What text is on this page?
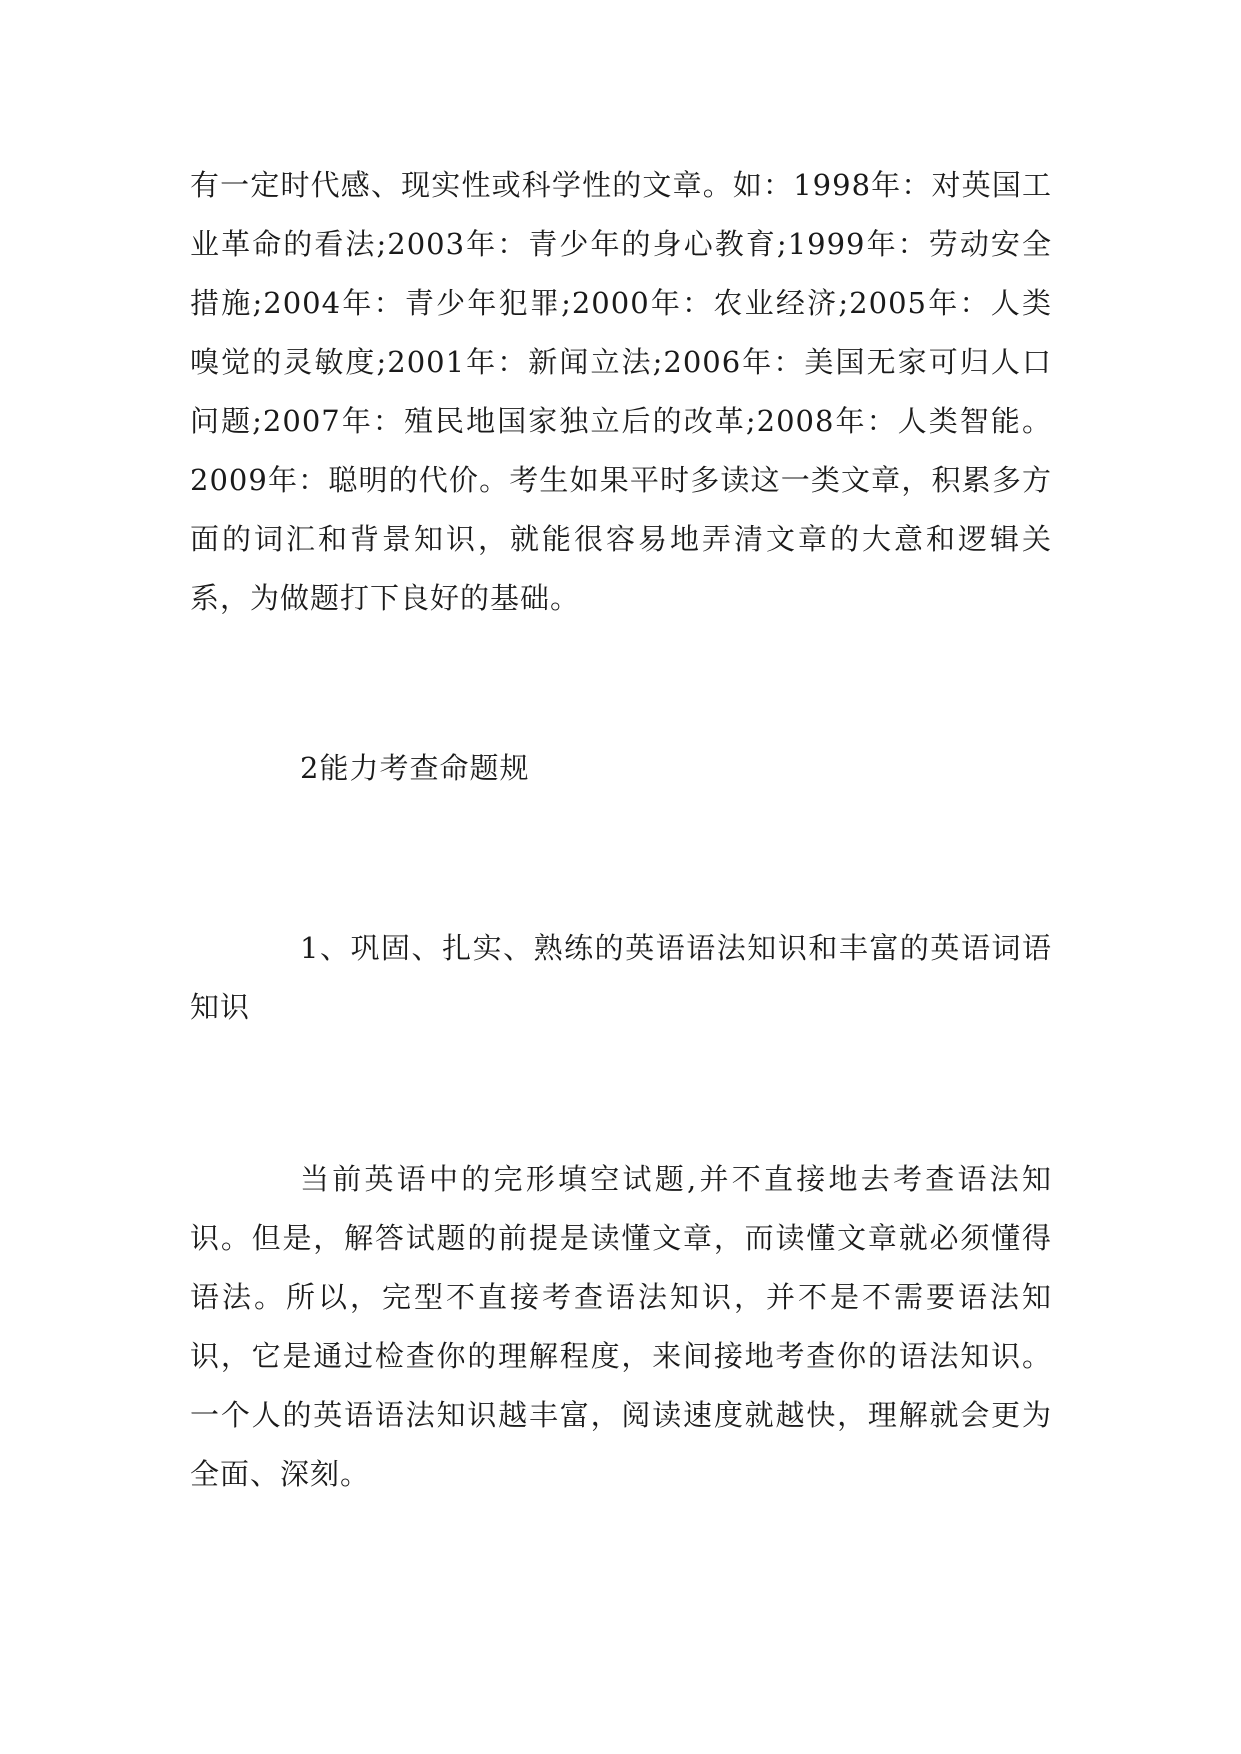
有一定时代感、现实性或科学性的文章。如：1998年：对英国工业革命的看法;2003年：青少年的身心教育;1999年：劳动安全措施;2004年：青少年犯罪;2000年：农业经济;2005年：人类嗅觉的灵敏度;2001年：新闻立法;2006年：美国无家可归人口问题;2007年：殖民地国家独立后的改革;2008年：人类智能。2009年：聪明的代价。考生如果平时多读这一类文章，积累多方面的词汇和背景知识，就能很容易地弄清文章的大意和逻辑关系，为做题打下良好的基础。

2能力考查命题规

1、巩固、扎实、熟练的英语语法知识和丰富的英语词语知识

当前英语中的完形填空试题,并不直接地去考查语法知识。但是，解答试题的前提是读懂文章，而读懂文章就必须懂得语法。所以，完型不直接考查语法知识，并不是不需要语法知识，它是通过检查你的理解程度，来间接地考查你的语法知识。一个人的英语语法知识越丰富，阅读速度就越快，理解就会更为全面、深刻。
